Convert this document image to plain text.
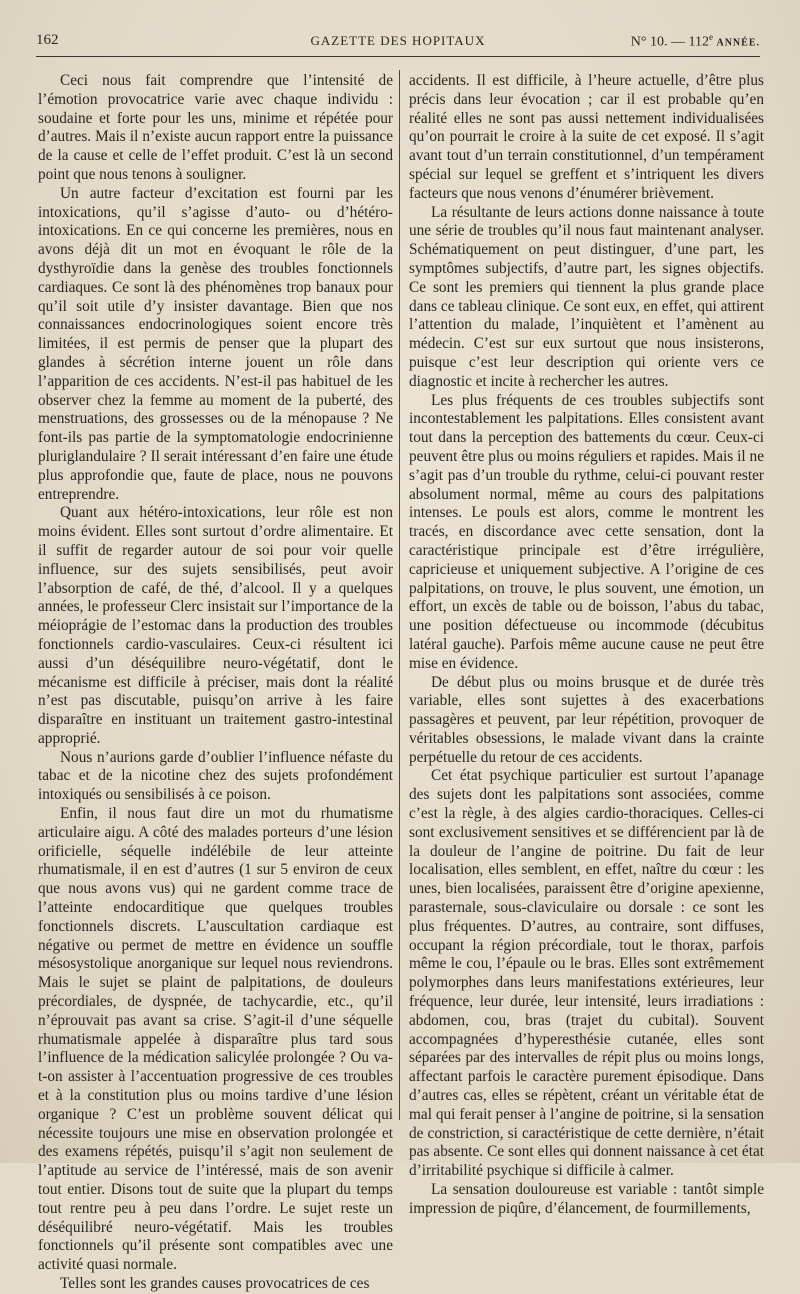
162	GAZETTE DES HOPITAUX	N° 10. — 112e ANNÉE.

Ceci nous fait comprendre que l’intensité de l’émotion provocatrice varie avec chaque individu : soudaine et forte pour les uns, minime et répétée pour d’autres. Mais il n’existe aucun rapport entre la puissance de la cause et celle de l’effet produit. C’est là un second point que nous tenons à souligner.

Un autre facteur d’excitation est fourni par les intoxications, qu’il s’agisse d’auto- ou d’hétéro-intoxications. En ce qui concerne les premières, nous en avons déjà dit un mot en évoquant le rôle de la dysthyroïdie dans la genèse des troubles fonctionnels cardiaques. Ce sont là des phénomènes trop banaux pour qu’il soit utile d’y insister davantage. Bien que nos connaissances endocrinologiques soient encore très limitées, il est permis de penser que la plupart des glandes à sécrétion interne jouent un rôle dans l’apparition de ces accidents. N’est-il pas habituel de les observer chez la femme au moment de la puberté, des menstruations, des grossesses ou de la ménopause ? Ne font-ils pas partie de la symptomatologie endocrinienne pluriglandulaire ? Il serait intéressant d’en faire une étude plus approfondie que, faute de place, nous ne pouvons entreprendre.

Quant aux hétéro-intoxications, leur rôle est non moins évident. Elles sont surtout d’ordre alimentaire. Et il suffit de regarder autour de soi pour voir quelle influence, sur des sujets sensibilisés, peut avoir l’absorption de café, de thé, d’alcool. Il y a quelques années, le professeur Clerc insistait sur l’importance de la méioprágie de l’estomac dans la production des troubles fonctionnels cardio-vasculaires. Ceux-ci résultent ici aussi d’un déséquilibre neuro-végétatif, dont le mécanisme est difficile à préciser, mais dont la réalité n’est pas discutable, puisqu’on arrive à les faire disparaître en instituant un traitement gastro-intestinal approprié.

Nous n’aurions garde d’oublier l’influence néfaste du tabac et de la nicotine chez des sujets profondément intoxiqués ou sensibilisés à ce poison.

Enfin, il nous faut dire un mot du rhumatisme articulaire aigu. A côté des malades porteurs d’une lésion orificielle, séquelle indélébile de leur atteinte rhumatismale, il en est d’autres (1 sur 5 environ de ceux que nous avons vus) qui ne gardent comme trace de l’atteinte endocarditique que quelques troubles fonctionnels discrets. L’auscultation cardiaque est négative ou permet de mettre en évidence un souffle mésosystolique anorganique sur lequel nous reviendrons. Mais le sujet se plaint de palpitations, de douleurs précordiales, de dyspnée, de tachycardie, etc., qu’il n’éprouvait pas avant sa crise. S’agit-il d’une séquelle rhumatismale appelée à disparaître plus tard sous l’influence de la médication salicylée prolongée ? Ou va-t-on assister à l’accentuation progressive de ces troubles et à la constitution plus ou moins tardive d’une lésion organique ? C’est un problème souvent délicat qui nécessite toujours une mise en observation prolongée et des examens répétés, puisqu’il s’agit non seulement de l’aptitude au service de l’intéressé, mais de son avenir tout entier. Disons tout de suite que la plupart du temps tout rentre peu à peu dans l’ordre. Le sujet reste un déséquilibré neuro-végétatif. Mais les troubles fonctionnels qu’il présente sont compatibles avec une activité quasi normale.

Telles sont les grandes causes provocatrices de ces

accidents. Il est difficile, à l’heure actuelle, d’être plus précis dans leur évocation ; car il est probable qu’en réalité elles ne sont pas aussi nettement individualisées qu’on pourrait le croire à la suite de cet exposé. Il s’agit avant tout d’un terrain constitutionnel, d’un tempérament spécial sur lequel se greffent et s’intriquent les divers facteurs que nous venons d’énumérer brièvement.

La résultante de leurs actions donne naissance à toute une série de troubles qu’il nous faut maintenant analyser. Schématiquement on peut distinguer, d’une part, les symptômes subjectifs, d’autre part, les signes objectifs. Ce sont les premiers qui tiennent la plus grande place dans ce tableau clinique. Ce sont eux, en effet, qui attirent l’attention du malade, l’inquiètent et l’amènent au médecin. C’est sur eux surtout que nous insisterons, puisque c’est leur description qui oriente vers ce diagnostic et incite à rechercher les autres.

Les plus fréquents de ces troubles subjectifs sont incontestablement les palpitations. Elles consistent avant tout dans la perception des battements du cœur. Ceux-ci peuvent être plus ou moins réguliers et rapides. Mais il ne s’agit pas d’un trouble du rythme, celui-ci pouvant rester absolument normal, même au cours des palpitations intenses. Le pouls est alors, comme le montrent les tracés, en discordance avec cette sensation, dont la caractéristique principale est d’être irrégulière, capricieuse et uniquement subjective. A l’origine de ces palpitations, on trouve, le plus souvent, une émotion, un effort, un excès de table ou de boisson, l’abus du tabac, une position défectueuse ou incommode (décubitus latéral gauche). Parfois même aucune cause ne peut être mise en évidence.

De début plus ou moins brusque et de durée très variable, elles sont sujettes à des exacerbations passagères et peuvent, par leur répétition, provoquer de véritables obsessions, le malade vivant dans la crainte perpétuelle du retour de ces accidents.

Cet état psychique particulier est surtout l’apanage des sujets dont les palpitations sont associées, comme c’est la règle, à des algies cardio-thoraciques. Celles-ci sont exclusivement sensitives et se différencient par là de la douleur de l’angine de poitrine. Du fait de leur localisation, elles semblent, en effet, naître du cœur : les unes, bien localisées, paraissent être d’origine apexienne, parasternale, sous-claviculaire ou dorsale : ce sont les plus fréquentes. D’autres, au contraire, sont diffuses, occupant la région précordiale, tout le thorax, parfois même le cou, l’épaule ou le bras. Elles sont extrêmement polymorphes dans leurs manifestations extérieures, leur fréquence, leur durée, leur intensité, leurs irradiations : abdomen, cou, bras (trajet du cubital). Souvent accompagnées d’hyperesthésie cutanée, elles sont séparées par des intervalles de répit plus ou moins longs, affectant parfois le caractère purement épisodique. Dans d’autres cas, elles se répètent, créant un véritable état de mal qui ferait penser à l’angine de poitrine, si la sensation de constriction, si caractéristique de cette dernière, n’était pas absente. Ce sont elles qui donnent naissance à cet état d’irritabilité psychique si difficile à calmer.

La sensation douloureuse est variable : tantôt simple impression de piqûre, d’élancement, de fourmillements,
